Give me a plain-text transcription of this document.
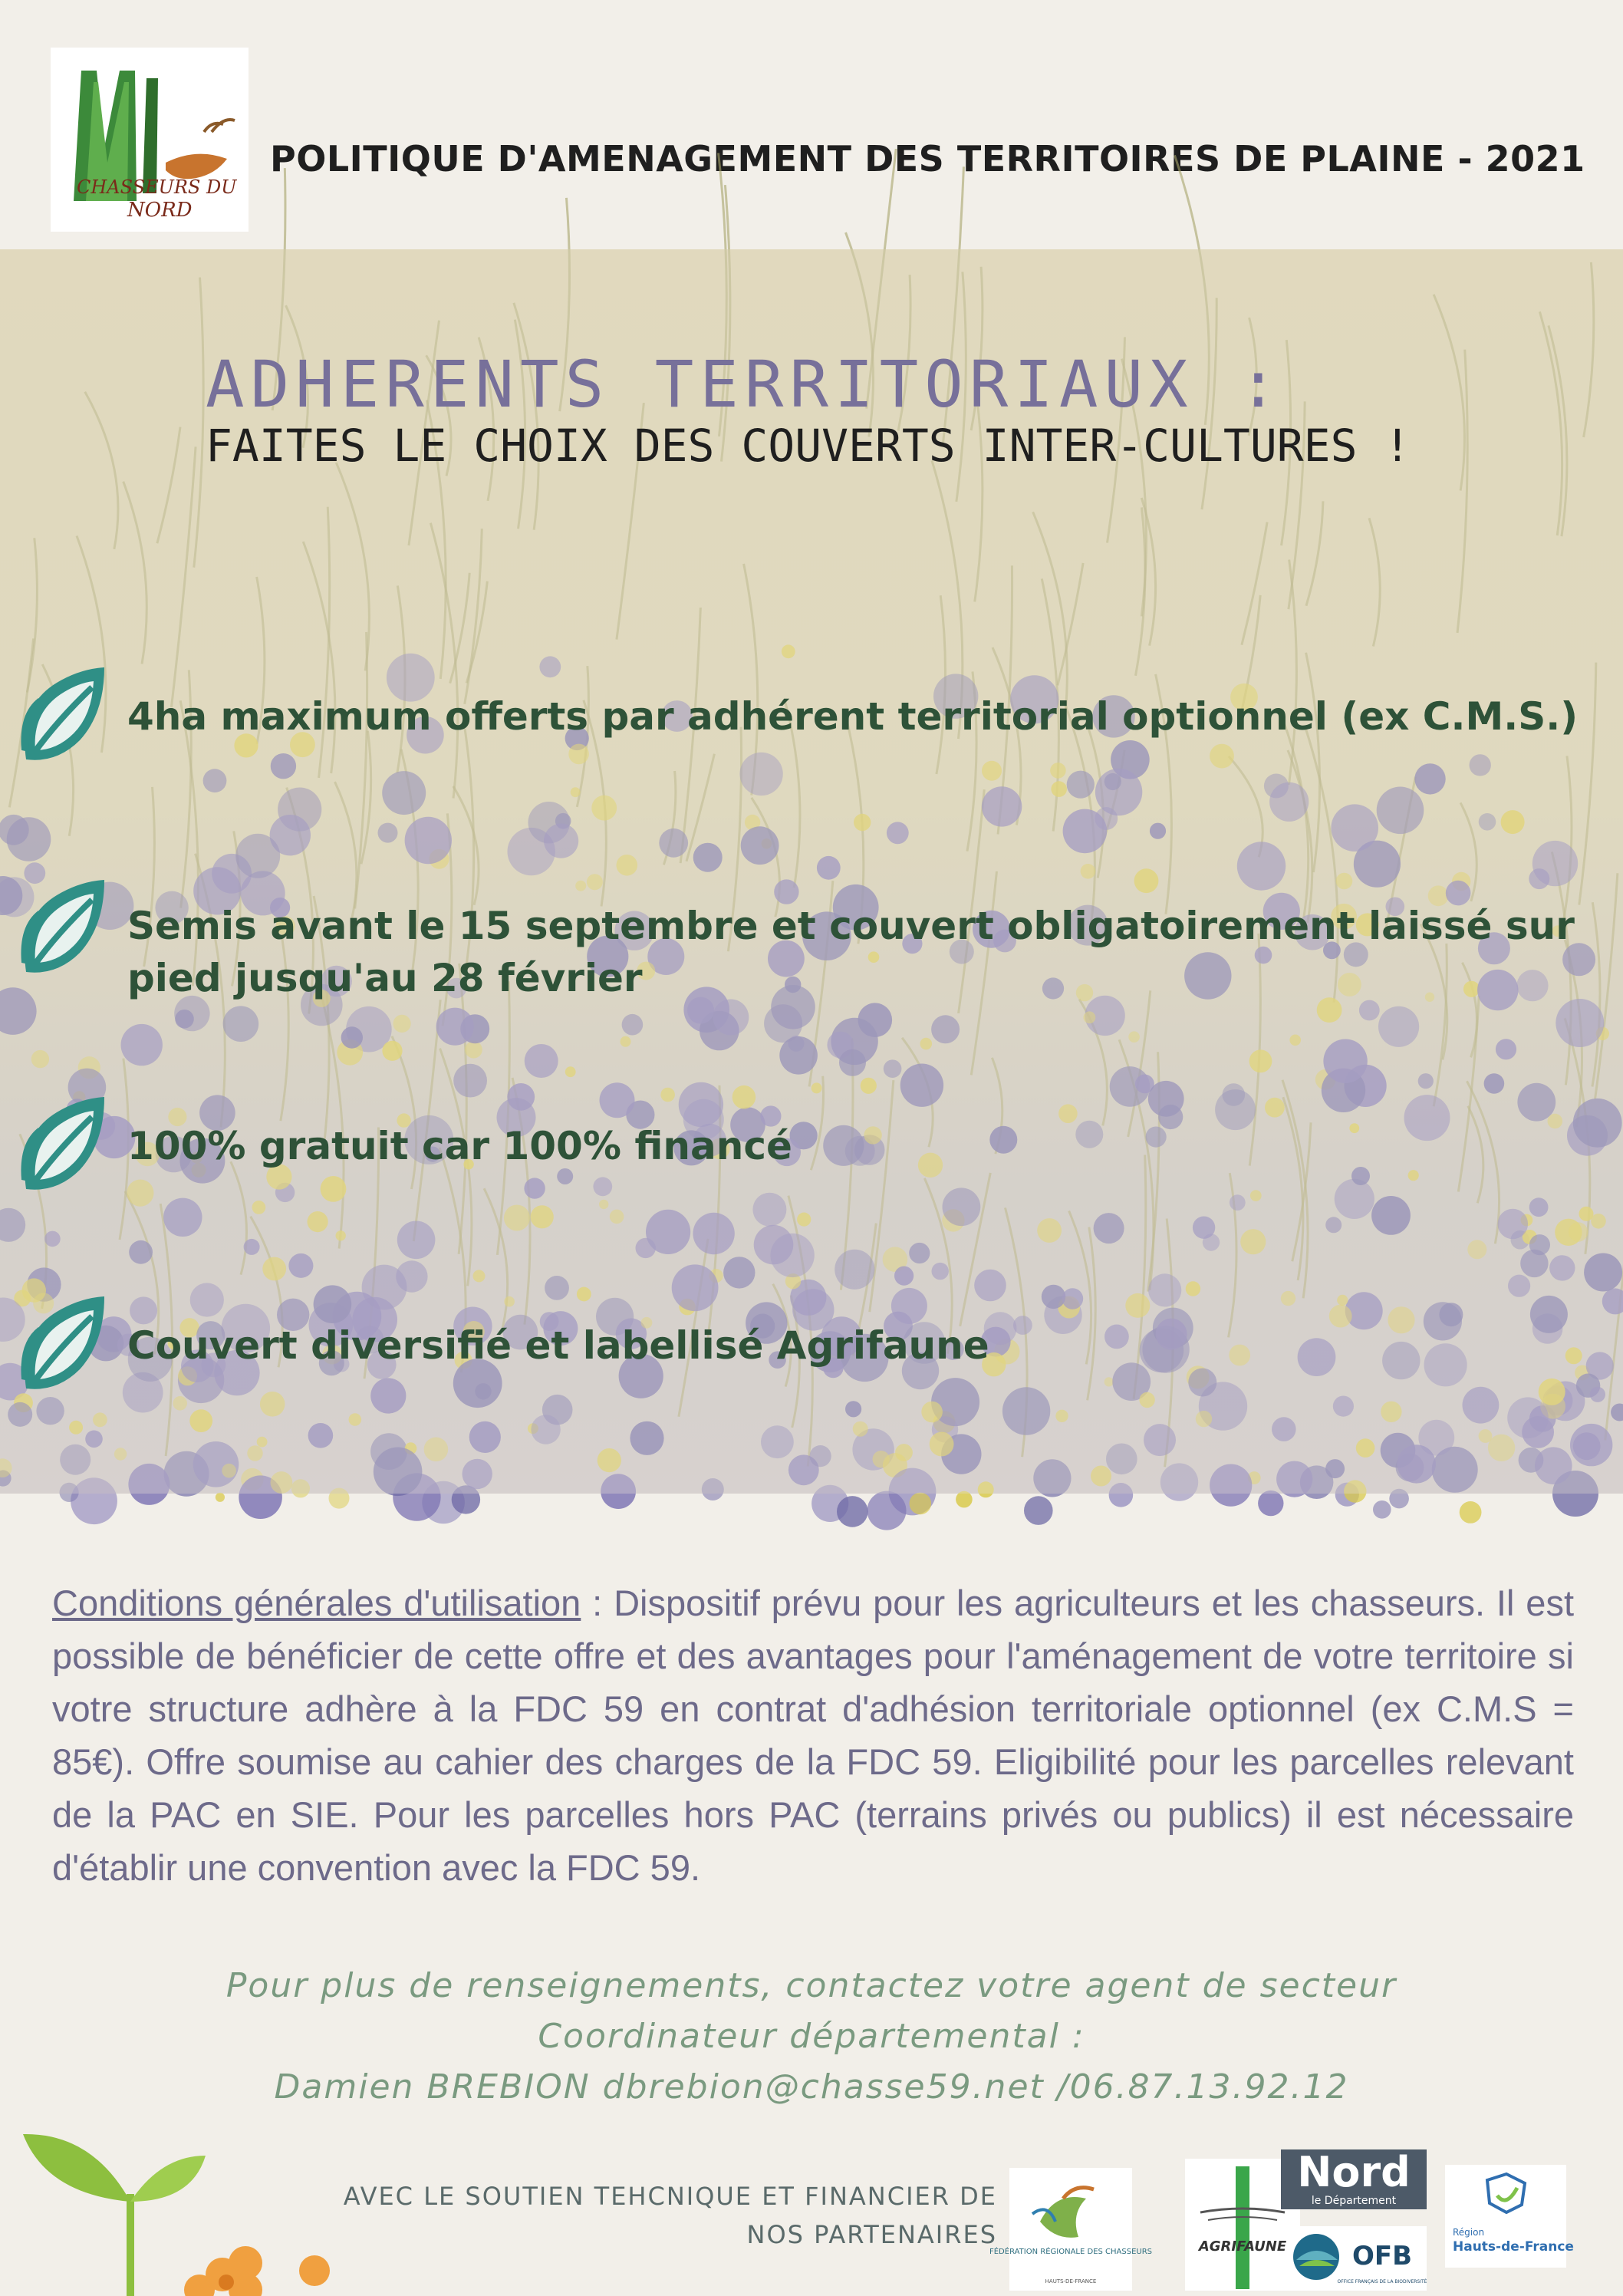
CHASSEURS DU
NORD
POLITIQUE D'AMENAGEMENT DES TERRITOIRES DE PLAINE - 2021
ADHERENTS TERRITORIAUX :
FAITES LE CHOIX DES COUVERTS INTER-CULTURES !
4ha maximum offerts par adhérent territorial optionnel (ex C.M.S.)
Semis avant le 15 septembre et couvert obligatoirement laissé sur
pied jusqu'au 28 février
100% gratuit car 100% financé
Couvert diversifié et labellisé Agrifaune
Conditions générales d'utilisation : Dispositif prévu pour les agriculteurs et les chasseurs. Il est possible de bénéficier de cette offre et des avantages pour l'aménagement de votre territoire si votre structure adhère à la FDC 59 en contrat d'adhésion territoriale optionnel (ex C.M.S = 85€). Offre soumise au cahier des charges de la FDC 59. Eligibilité pour les parcelles relevant de la PAC en SIE. Pour les parcelles hors PAC (terrains privés ou publics) il est nécessaire d'établir une convention avec la FDC 59.
Pour plus de renseignements, contactez votre agent de secteur
Coordinateur départemental :
Damien BREBION dbrebion@chasse59.net /06.87.13.92.12
AVEC LE SOUTIEN TEHCNIQUE ET FINANCIER DE
NOS PARTENAIRES
FÉDÉRATION RÉGIONALE DES CHASSEURS
HAUTS-DE-FRANCE
AGRIFAUNE
Nord
le Département
OFB
OFFICE FRANÇAIS DE LA BIODIVERSITÉ
Région
Hauts-de-France
